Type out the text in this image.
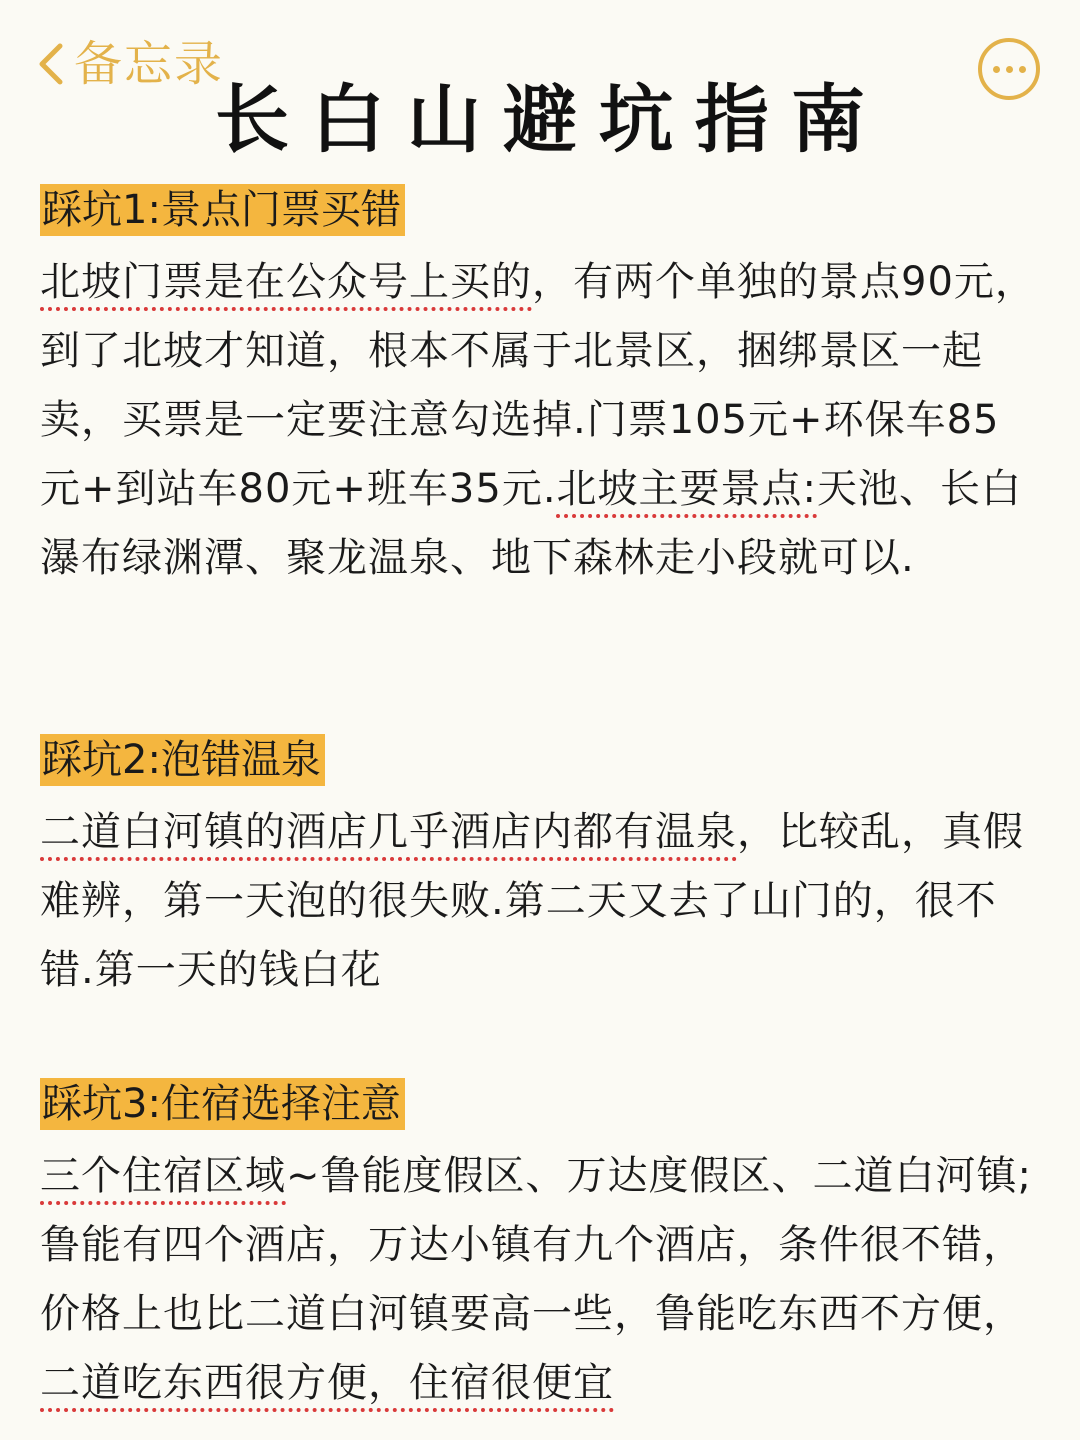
备忘录
长白山避坑指南
踩坑1:景点门票买错

北坡门票是在公众号上买的，有两个单独的景点90元，到了北坡才知道，根本不属于北景区，捆绑景区一起卖，买票是一定要注意勾选掉.门票105元+环保车85元+到站车80元+班车35元.北坡主要景点:天池、长白瀑布绿渊潭、聚龙温泉、地下森林走小段就可以.

踩坑2:泡错温泉

二道白河镇的酒店几乎酒店内都有温泉，比较乱，真假难辨，第一天泡的很失败.第二天又去了山门的，很不错.第一天的钱白花

踩坑3:住宿选择注意

三个住宿区域~鲁能度假区、万达度假区、二道白河镇;鲁能有四个酒店，万达小镇有九个酒店，条件很不错，价格上也比二道白河镇要高一些，鲁能吃东西不方便，二道吃东西很方便，住宿很便宜
